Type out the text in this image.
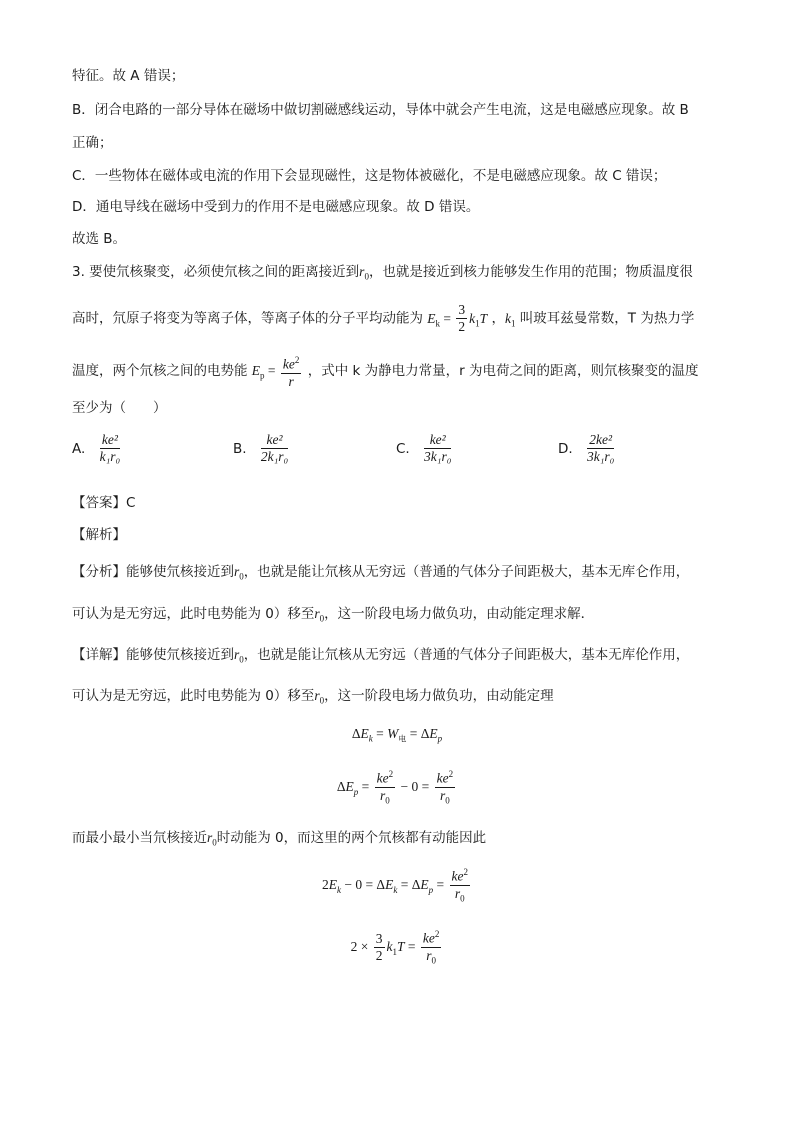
特征。故 A 错误；
B．闭合电路的一部分导体在磁场中做切割磁感线运动，导体中就会产生电流，这是电磁感应现象。故 B
正确；
C．一些物体在磁体或电流的作用下会显现磁性，这是物体被磁化，不是电磁感应现象。故 C 错误；
D．通电导线在磁场中受到力的作用不是电磁感应现象。故 D 错误。
故选 B。
3. 要使氘核聚变，必须使氘核之间的距离接近到$r_0$，也就是接近到核力能够发生作用的范围；物质温度很
高时，氘原子将变为等离子体，等离子体的分子平均动能为 $E_k = \frac{3}{2} k_1T$ ，$k_1$ 叫玻耳兹曼常数，T 为热力学
温度，两个氘核之间的电势能 $E_p = \frac{ke^2}{r}$ ，式中 k 为静电力常量，r 为电荷之间的距离，则氘核聚变的温度
至少为（　　）
A. $\frac{\text{ke²}}{\text{k₁r₀}}$	B. $\frac{\text{ke²}}{\text{2k₁r₀}}$	C. $\frac{\text{ke²}}{\text{3k₁r₀}}$	D. $\frac{\text{2ke²}}{\text{3k₁r₀}}$
【答案】C
【解析】
【分析】能够使氘核接近到$r_0$，也就是能让氘核从无穷远（普通的气体分子间距极大，基本无库仑作用，
可认为是无穷远，此时电势能为 0）移至$r_0$，这一阶段电场力做负功，由动能定理求解．
【详解】能够使氘核接近到$r_0$，也就是能让氘核从无穷远（普通的气体分子间距极大，基本无库伦作用，
可认为是无穷远，此时电势能为 0）移至$r_0$，这一阶段电场力做负功，由动能定理
$\Delta E_k = W_电 = \Delta E_p$
$\Delta E_p = \frac{ke^2}{r_0} - 0 = \frac{ke^2}{r_0}$
而最小最小当氘核接近$r_0$时动能为 0，而这里的两个氘核都有动能因此
$2E_k - 0 = \Delta E_k = \Delta E_p = \frac{ke^2}{r_0}$
$2 \times \frac{3}{2} k_1T = \frac{ke^2}{r_0}$
